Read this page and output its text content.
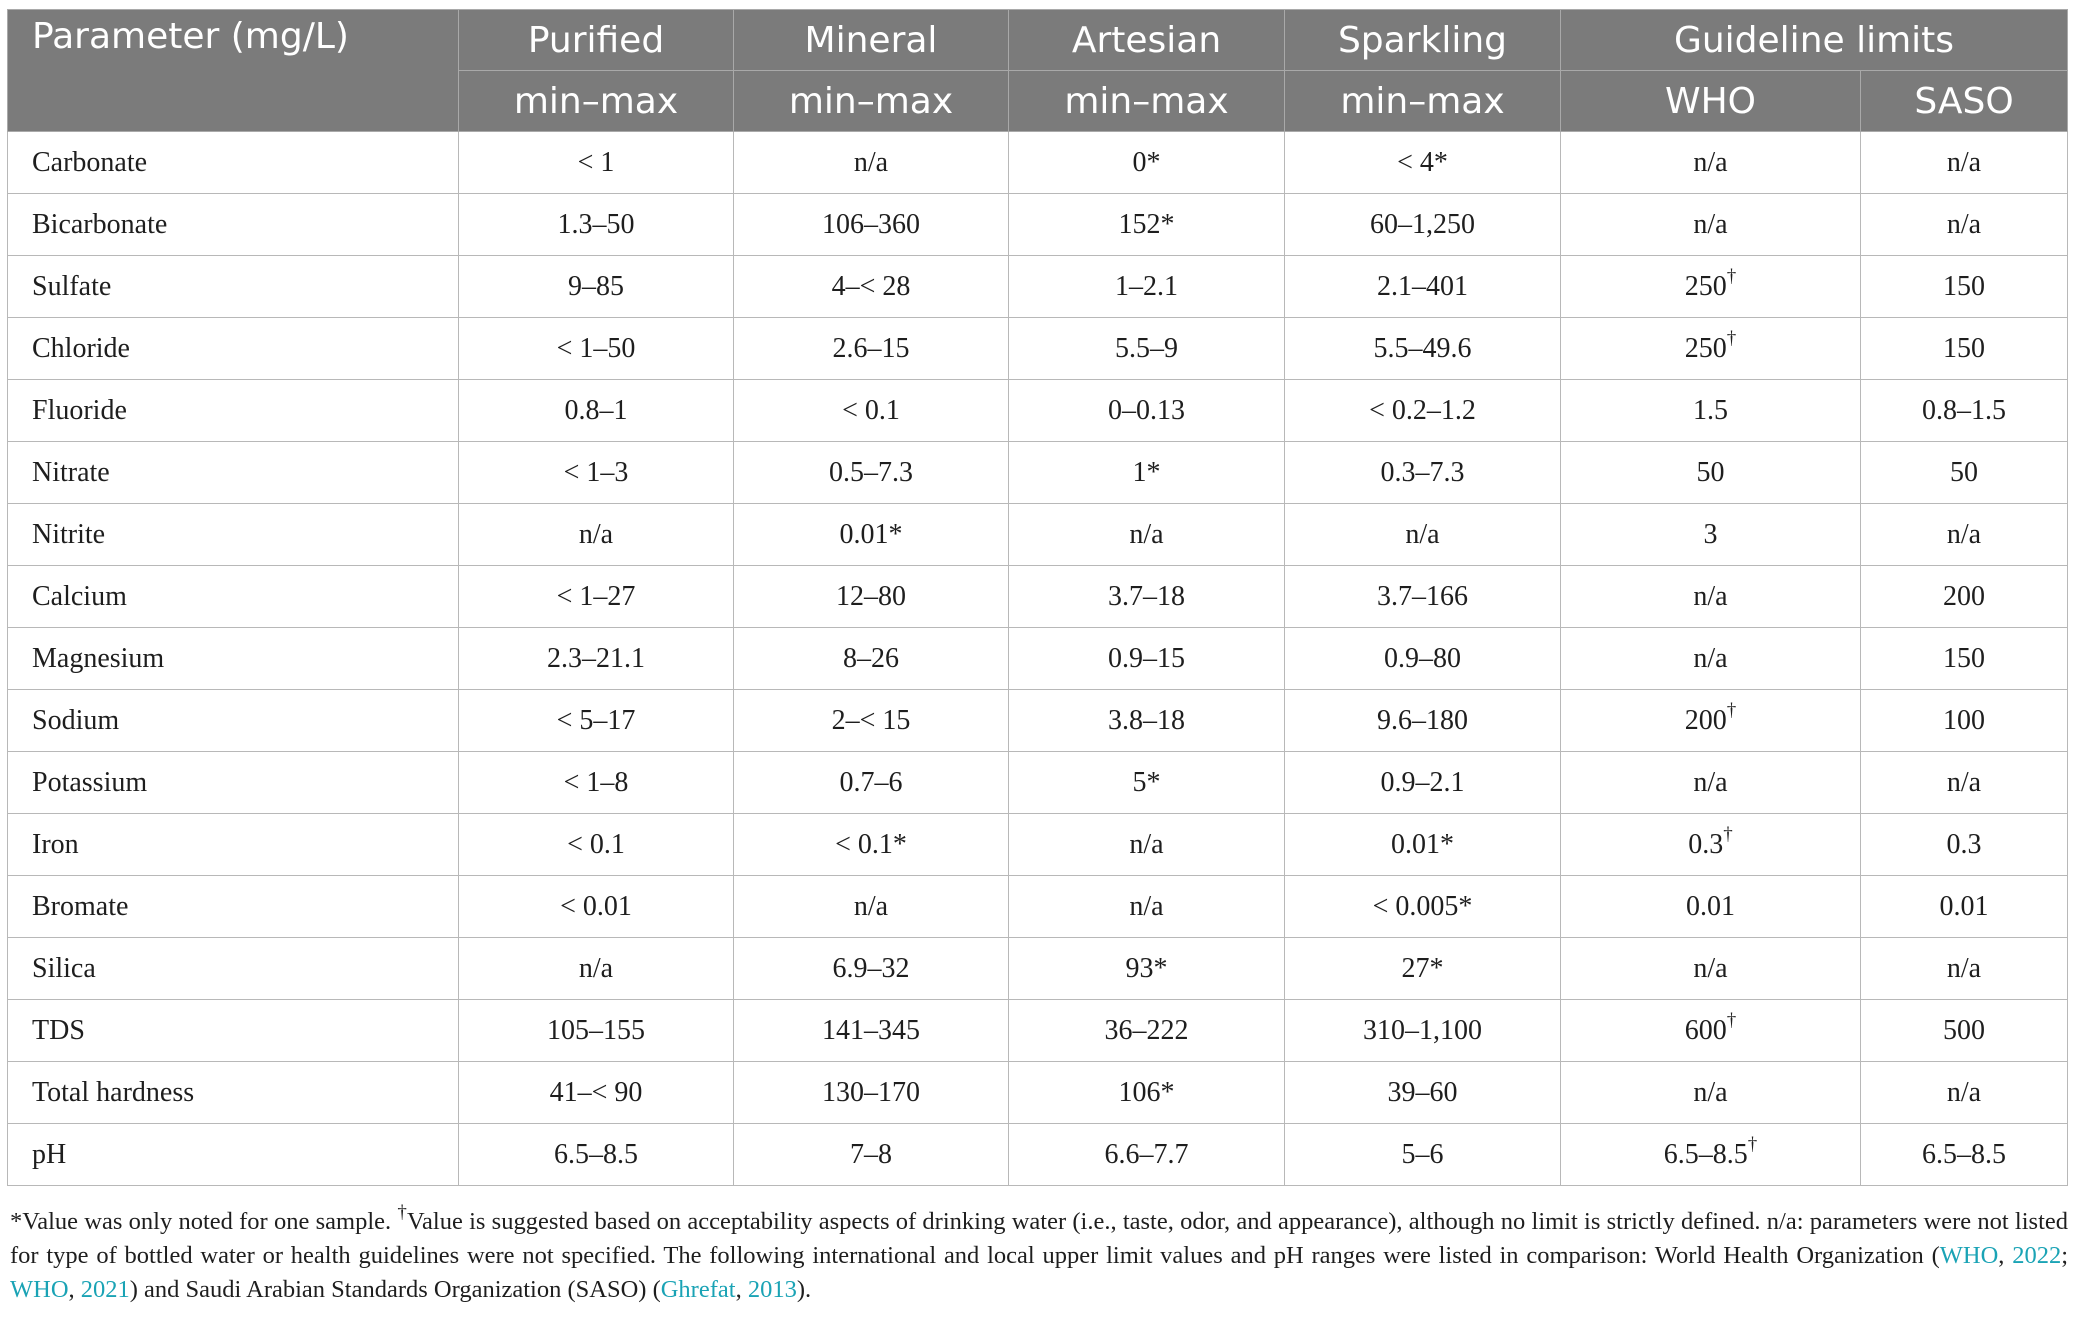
Parameter (mg/L)	Purified	Mineral	Artesian	Sparkling	Guideline limits	
	min–max	min–max	min–max	min–max	WHO	SASO
Carbonate	< 1	n/a	0*	< 4*	n/a	n/a
Bicarbonate	1.3–50	106–360	152*	60–1,250	n/a	n/a
Sulfate	9–85	4–< 28	1–2.1	2.1–401	250†	150
Chloride	< 1–50	2.6–15	5.5–9	5.5–49.6	250†	150
Fluoride	0.8–1	< 0.1	0–0.13	< 0.2–1.2	1.5	0.8–1.5
Nitrate	< 1–3	0.5–7.3	1*	0.3–7.3	50	50
Nitrite	n/a	0.01*	n/a	n/a	3	n/a
Calcium	< 1–27	12–80	3.7–18	3.7–166	n/a	200
Magnesium	2.3–21.1	8–26	0.9–15	0.9–80	n/a	150
Sodium	< 5–17	2–< 15	3.8–18	9.6–180	200†	100
Potassium	< 1–8	0.7–6	5*	0.9–2.1	n/a	n/a
Iron	< 0.1	< 0.1*	n/a	0.01*	0.3†	0.3
Bromate	< 0.01	n/a	n/a	< 0.005*	0.01	0.01
Silica	n/a	6.9–32	93*	27*	n/a	n/a
TDS	105–155	141–345	36–222	310–1,100	600†	500
Total hardness	41–< 90	130–170	106*	39–60	n/a	n/a
pH	6.5–8.5	7–8	6.6–7.7	5–6	6.5–8.5†	6.5–8.5
*Value was only noted for one sample. †Value is suggested based on acceptability aspects of drinking water (i.e., taste, odor, and appearance), although no limit is strictly defined. n/a: parameters were not listed for type of bottled water or health guidelines were not specified. The following international and local upper limit values and pH ranges were listed in comparison: World Health Organization (WHO, 2022; WHO, 2021) and Saudi Arabian Standards Organization (SASO) (Ghrefat, 2013).
